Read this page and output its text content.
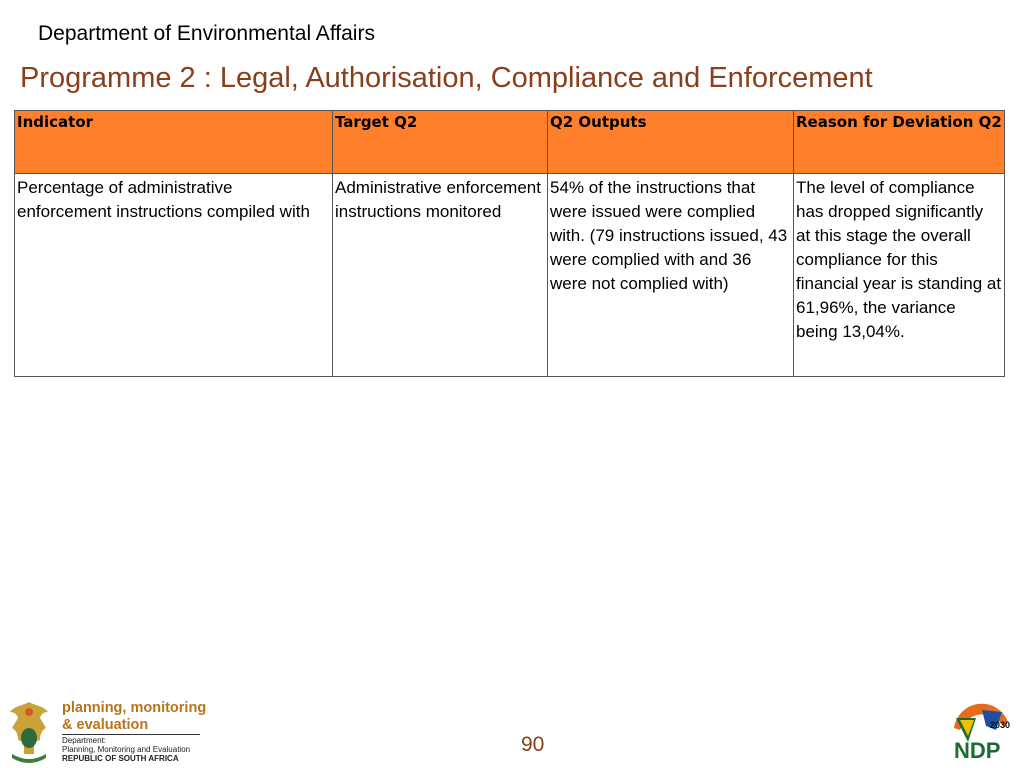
Department of Environmental Affairs
Programme 2 : Legal, Authorisation, Compliance and Enforcement
Indicator	Target Q2	Q2 Outputs	Reason for Deviation Q2
Percentage of administrative enforcement instructions compiled with	Administrative enforcement instructions monitored	54% of the instructions that were issued were complied with. (79 instructions issued, 43 were complied with and 36 were not complied with)	The level of compliance has dropped significantly at this stage the overall compliance for this financial year is standing at 61,96%, the variance being 13,04%.
planning, monitoring
& evaluation
Department:
Planning, Monitoring and Evaluation
REPUBLIC OF SOUTH AFRICA
90
2030
NDP
